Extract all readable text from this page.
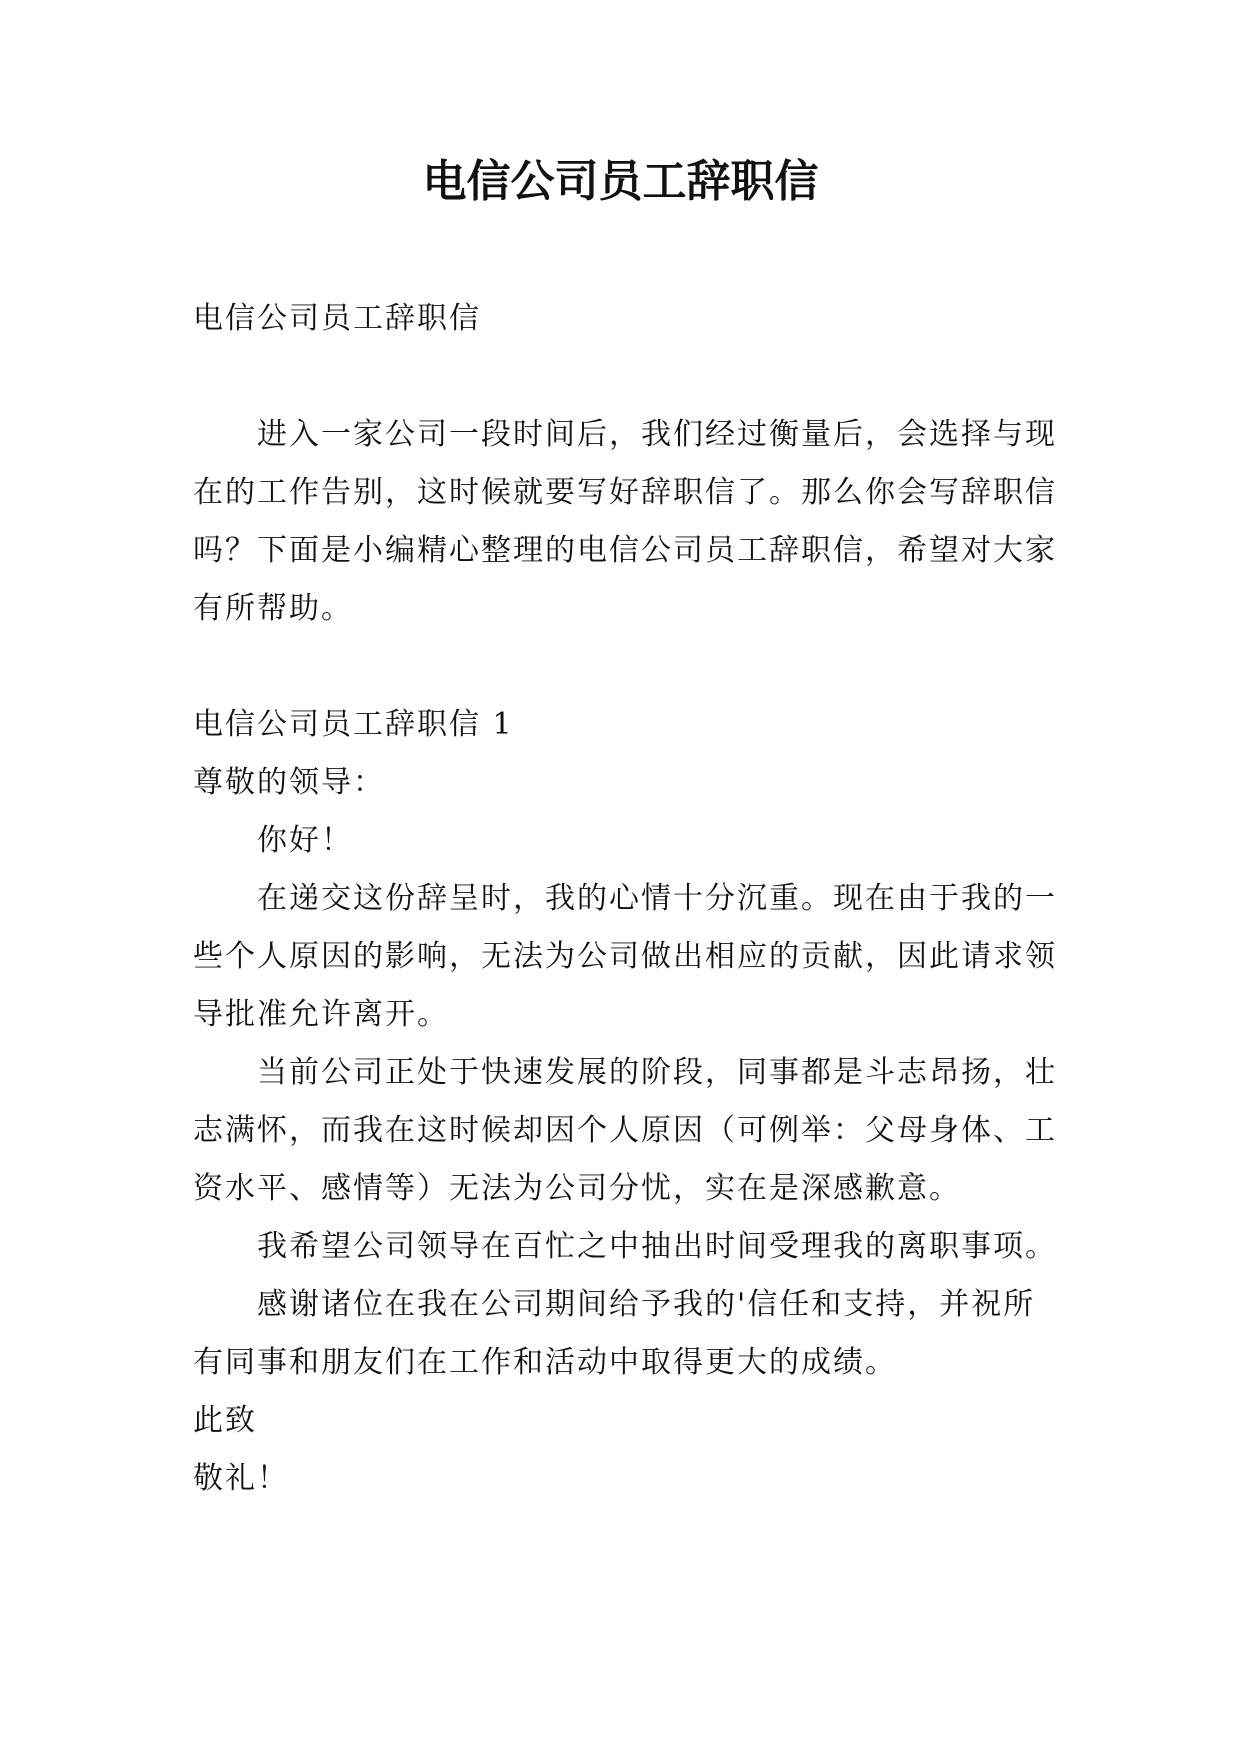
电信公司员工辞职信

电信公司员工辞职信

进入一家公司一段时间后，我们经过衡量后，会选择与现在的工作告别，这时候就要写好辞职信了。那么你会写辞职信吗？下面是小编精心整理的电信公司员工辞职信，希望对大家有所帮助。

电信公司员工辞职信 1

尊敬的领导：

你好！

在递交这份辞呈时，我的心情十分沉重。现在由于我的一些个人原因的影响，无法为公司做出相应的贡献，因此请求领导批准允许离开。

当前公司正处于快速发展的阶段，同事都是斗志昂扬，壮志满怀，而我在这时候却因个人原因（可例举：父母身体、工资水平、感情等）无法为公司分忧，实在是深感歉意。

我希望公司领导在百忙之中抽出时间受理我的离职事项。

感谢诸位在我在公司期间给予我的'信任和支持，并祝所有同事和朋友们在工作和活动中取得更大的成绩。

此致

敬礼！
